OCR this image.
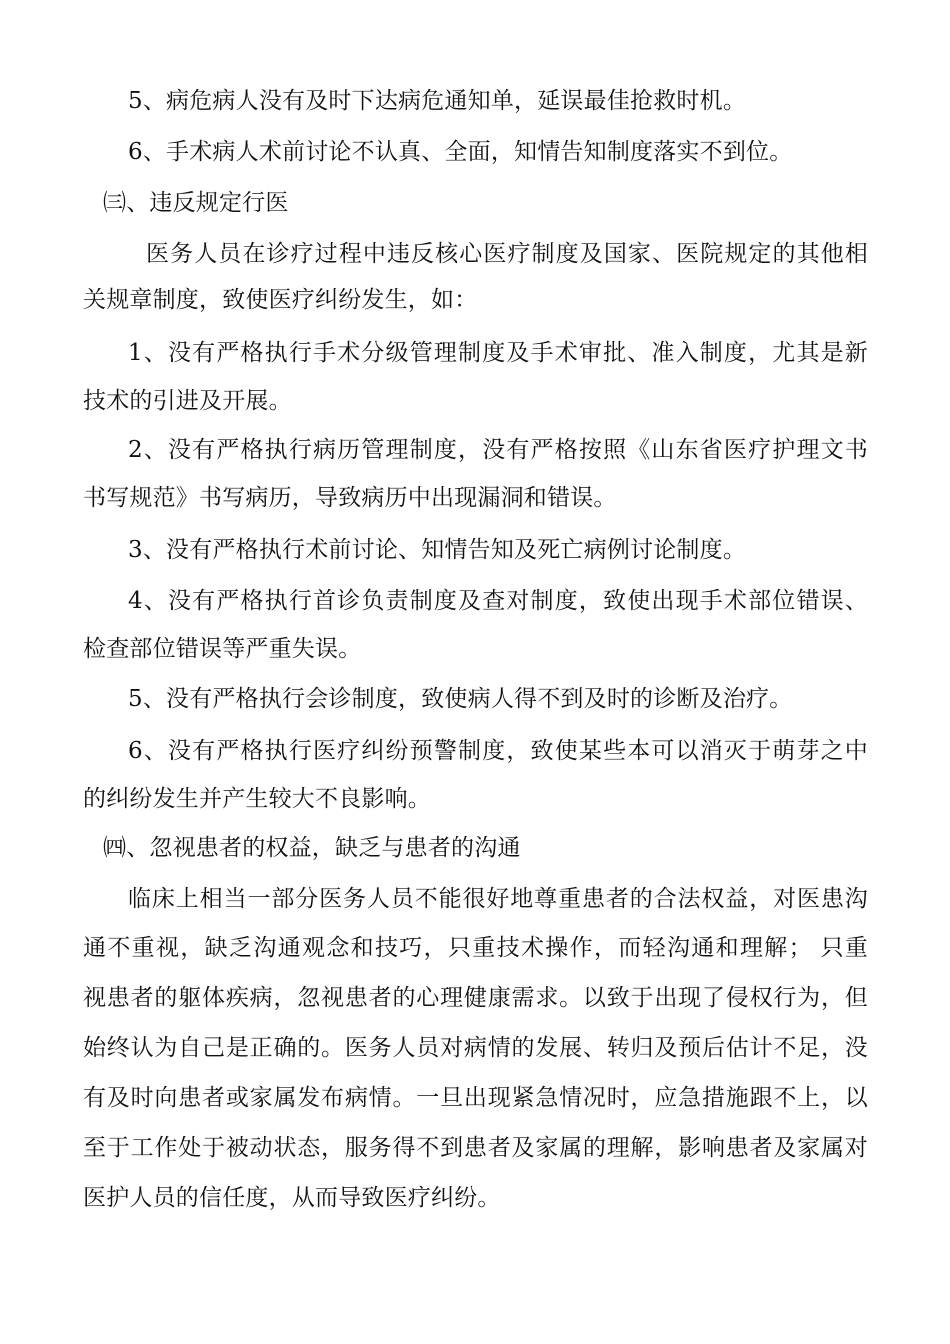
5、病危病人没有及时下达病危通知单，延误最佳抢救时机。
6、手术病人术前讨论不认真、全面，知情告知制度落实不到位。
㈢、违反规定行医
医务人员在诊疗过程中违反核心医疗制度及国家、医院规定的其他相
关规章制度，致使医疗纠纷发生，如：
1、没有严格执行手术分级管理制度及手术审批、准入制度，尤其是新
技术的引进及开展。
2、没有严格执行病历管理制度，没有严格按照《山东省医疗护理文书
书写规范》书写病历，导致病历中出现漏洞和错误。
3、没有严格执行术前讨论、知情告知及死亡病例讨论制度。
4、没有严格执行首诊负责制度及查对制度，致使出现手术部位错误、
检查部位错误等严重失误。
5、没有严格执行会诊制度，致使病人得不到及时的诊断及治疗。
6、没有严格执行医疗纠纷预警制度，致使某些本可以消灭于萌芽之中
的纠纷发生并产生较大不良影响。
㈣、忽视患者的权益，缺乏与患者的沟通
临床上相当一部分医务人员不能很好地尊重患者的合法权益，对医患沟
通不重视，缺乏沟通观念和技巧，只重技术操作，而轻沟通和理解； 只重
视患者的躯体疾病，忽视患者的心理健康需求。以致于出现了侵权行为，但
始终认为自己是正确的。医务人员对病情的发展、转归及预后估计不足，没
有及时向患者或家属发布病情。一旦出现紧急情况时，应急措施跟不上，以
至于工作处于被动状态，服务得不到患者及家属的理解，影响患者及家属对
医护人员的信任度，从而导致医疗纠纷。
